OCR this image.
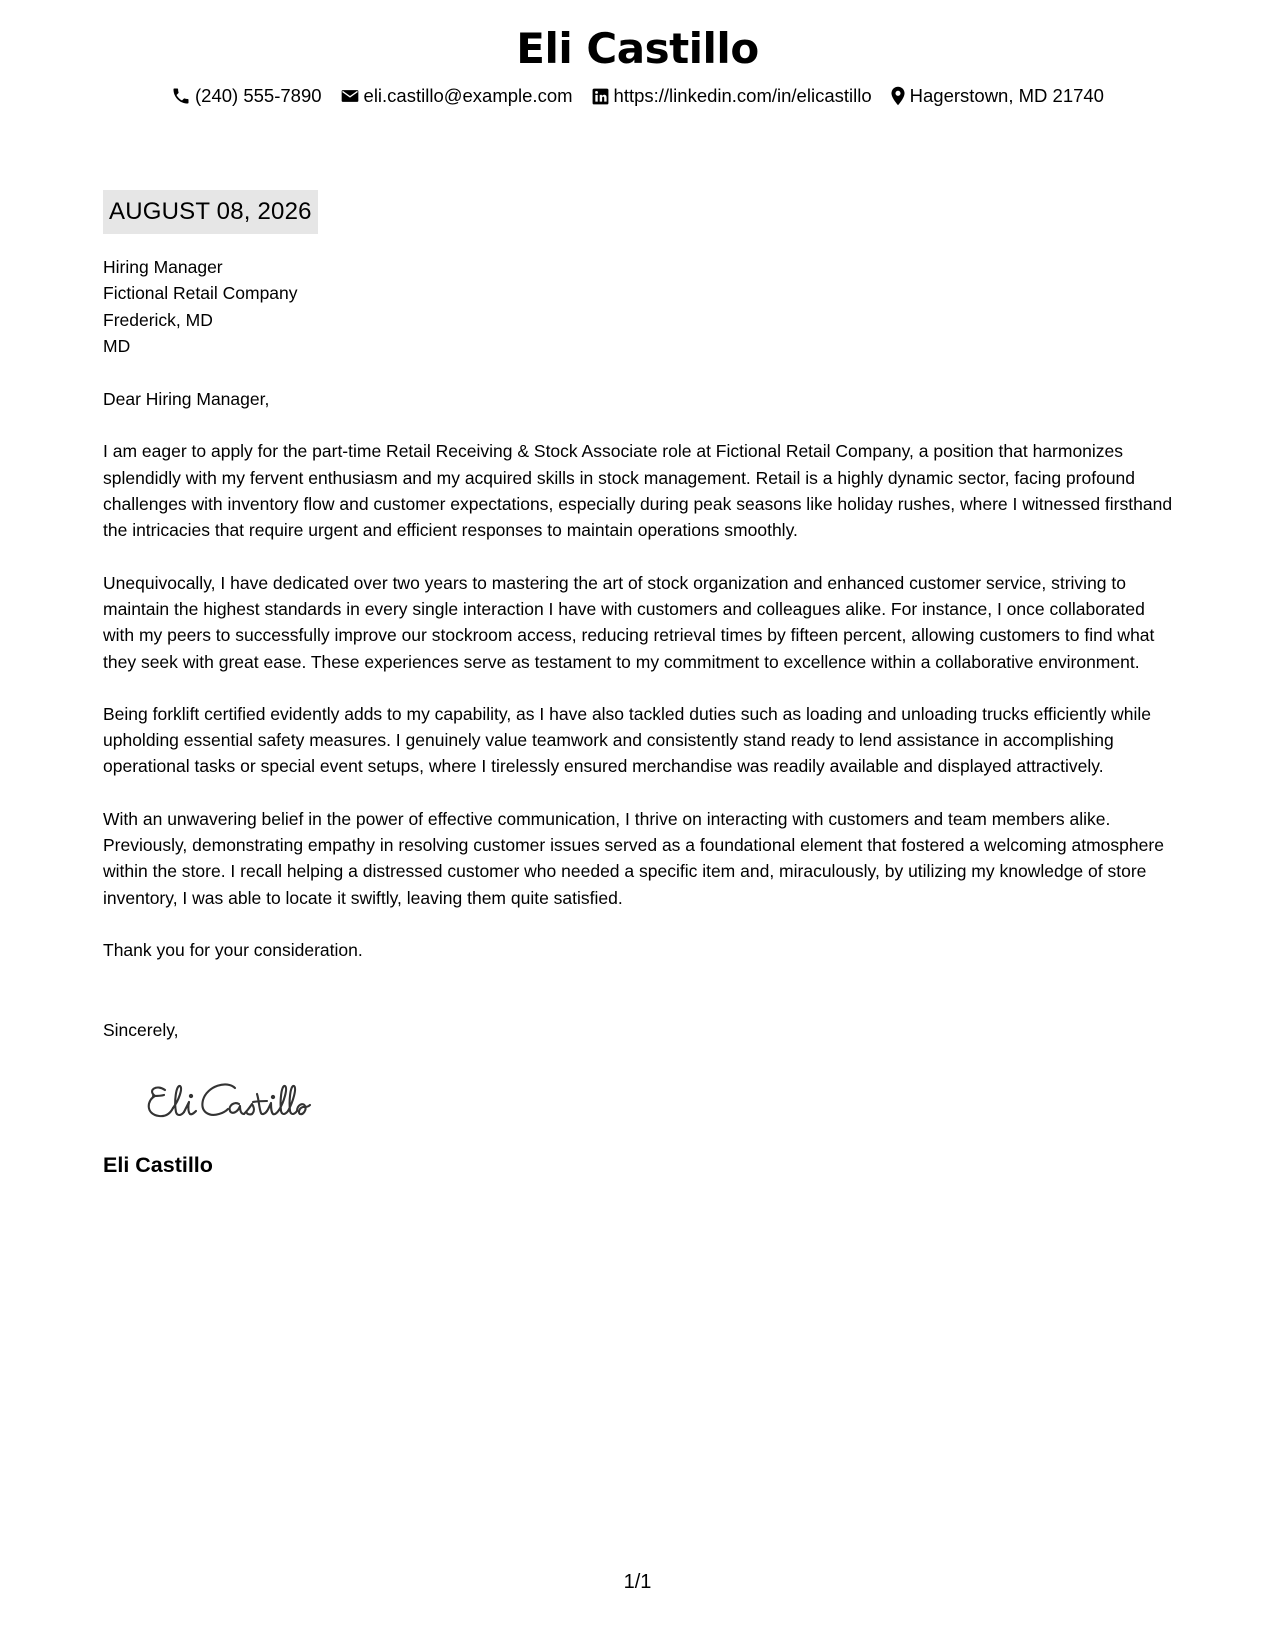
Eli Castillo
(240) 555-7890 eli.castillo@example.com https://linkedin.com/in/elicastillo Hagerstown, MD 21740
AUGUST 08, 2026
Hiring Manager
Fictional Retail Company
Frederick, MD
MD
Dear Hiring Manager,

I am eager to apply for the part-time Retail Receiving & Stock Associate role at Fictional Retail Company, a position that harmonizes splendidly with my fervent enthusiasm and my acquired skills in stock management. Retail is a highly dynamic sector, facing profound challenges with inventory flow and customer expectations, especially during peak seasons like holiday rushes, where I witnessed firsthand the intricacies that require urgent and efficient responses to maintain operations smoothly.

Unequivocally, I have dedicated over two years to mastering the art of stock organization and enhanced customer service, striving to maintain the highest standards in every single interaction I have with customers and colleagues alike. For instance, I once collaborated with my peers to successfully improve our stockroom access, reducing retrieval times by fifteen percent, allowing customers to find what they seek with great ease. These experiences serve as testament to my commitment to excellence within a collaborative environment.

Being forklift certified evidently adds to my capability, as I have also tackled duties such as loading and unloading trucks efficiently while upholding essential safety measures. I genuinely value teamwork and consistently stand ready to lend assistance in accomplishing operational tasks or special event setups, where I tirelessly ensured merchandise was readily available and displayed attractively.

With an unwavering belief in the power of effective communication, I thrive on interacting with customers and team members alike. Previously, demonstrating empathy in resolving customer issues served as a foundational element that fostered a welcoming atmosphere within the store. I recall helping a distressed customer who needed a specific item and, miraculously, by utilizing my knowledge of store inventory, I was able to locate it swiftly, leaving them quite satisfied.

Thank you for your consideration.
Sincerely,
Eli Castillo
1/1
